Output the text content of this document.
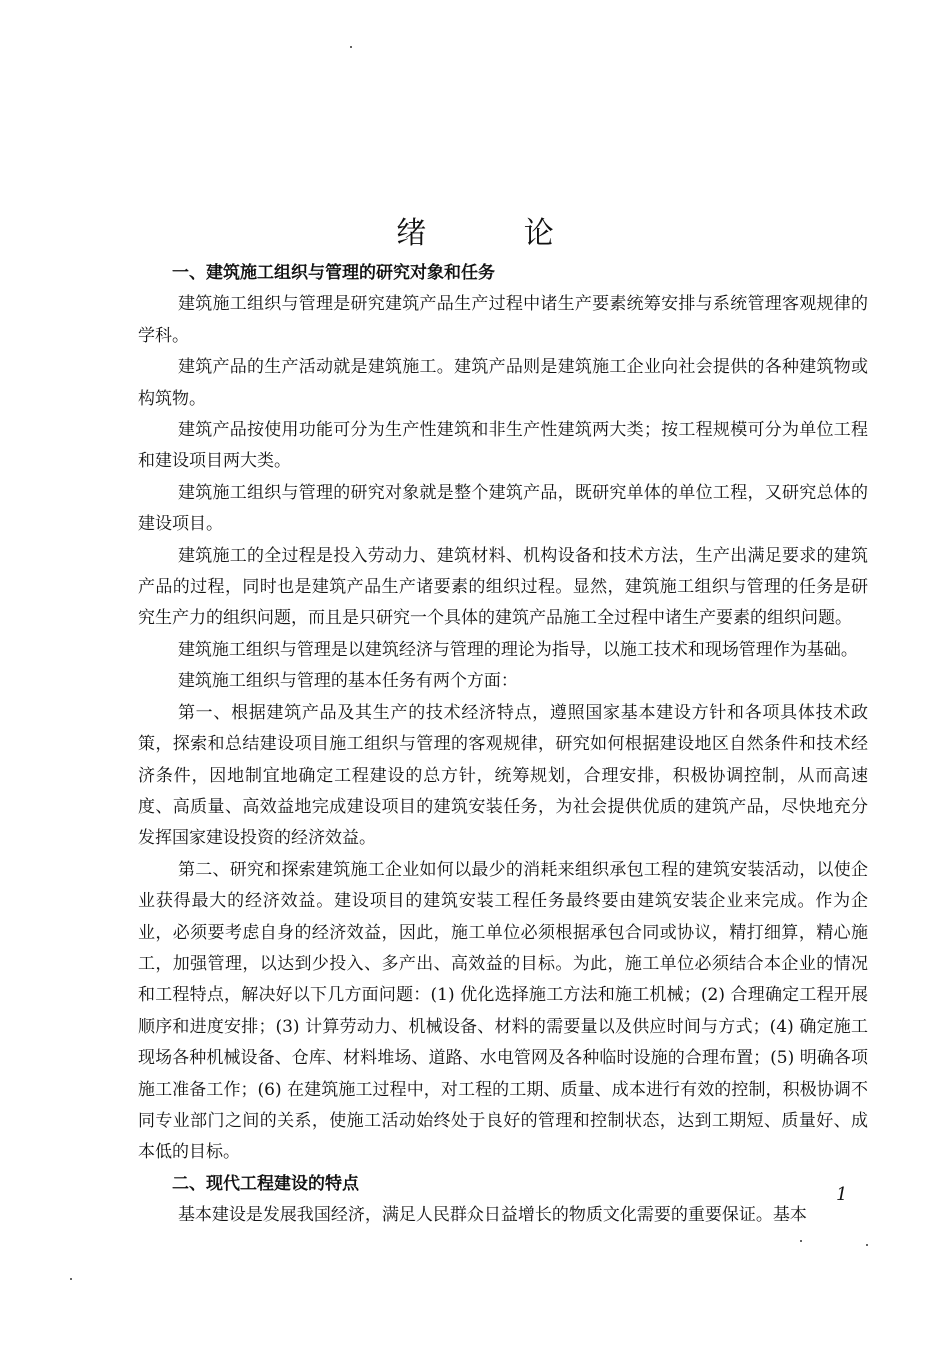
绪 论
一、建筑施工组织与管理的研究对象和任务

建筑施工组织与管理是研究建筑产品生产过程中诸生产要素统筹安排与系统管理客观规律的学科。

建筑产品的生产活动就是建筑施工。建筑产品则是建筑施工企业向社会提供的各种建筑物或构筑物。

建筑产品按使用功能可分为生产性建筑和非生产性建筑两大类；按工程规模可分为单位工程和建设项目两大类。

建筑施工组织与管理的研究对象就是整个建筑产品，既研究单体的单位工程，又研究总体的建设项目。

建筑施工的全过程是投入劳动力、建筑材料、机构设备和技术方法，生产出满足要求的建筑产品的过程，同时也是建筑产品生产诸要素的组织过程。显然，建筑施工组织与管理的任务是研究生产力的组织问题，而且是只研究一个具体的建筑产品施工全过程中诸生产要素的组织问题。

建筑施工组织与管理是以建筑经济与管理的理论为指导，以施工技术和现场管理作为基础。

建筑施工组织与管理的基本任务有两个方面：

第一、根据建筑产品及其生产的技术经济特点，遵照国家基本建设方针和各项具体技术政策，探索和总结建设项目施工组织与管理的客观规律，研究如何根据建设地区自然条件和技术经济条件，因地制宜地确定工程建设的总方针，统筹规划，合理安排，积极协调控制，从而高速度、高质量、高效益地完成建设项目的建筑安装任务，为社会提供优质的建筑产品，尽快地充分发挥国家建设投资的经济效益。

第二、研究和探索建筑施工企业如何以最少的消耗来组织承包工程的建筑安装活动，以使企业获得最大的经济效益。建设项目的建筑安装工程任务最终要由建筑安装企业来完成。作为企业，必须要考虑自身的经济效益，因此，施工单位必须根据承包合同或协议，精打细算，精心施工，加强管理，以达到少投入、多产出、高效益的目标。为此，施工单位必须结合本企业的情况和工程特点，解决好以下几方面问题：(1) 优化选择施工方法和施工机械；(2) 合理确定工程开展顺序和进度安排；(3) 计算劳动力、机械设备、材料的需要量以及供应时间与方式；(4) 确定施工现场各种机械设备、仓库、材料堆场、道路、水电管网及各种临时设施的合理布置；(5) 明确各项施工准备工作；(6) 在建筑施工过程中，对工程的工期、质量、成本进行有效的控制，积极协调不同专业部门之间的关系，使施工活动始终处于良好的管理和控制状态，达到工期短、质量好、成本低的目标。

二、现代工程建设的特点

基本建设是发展我国经济，满足人民群众日益增长的物质文化需要的重要保证。基本

1
